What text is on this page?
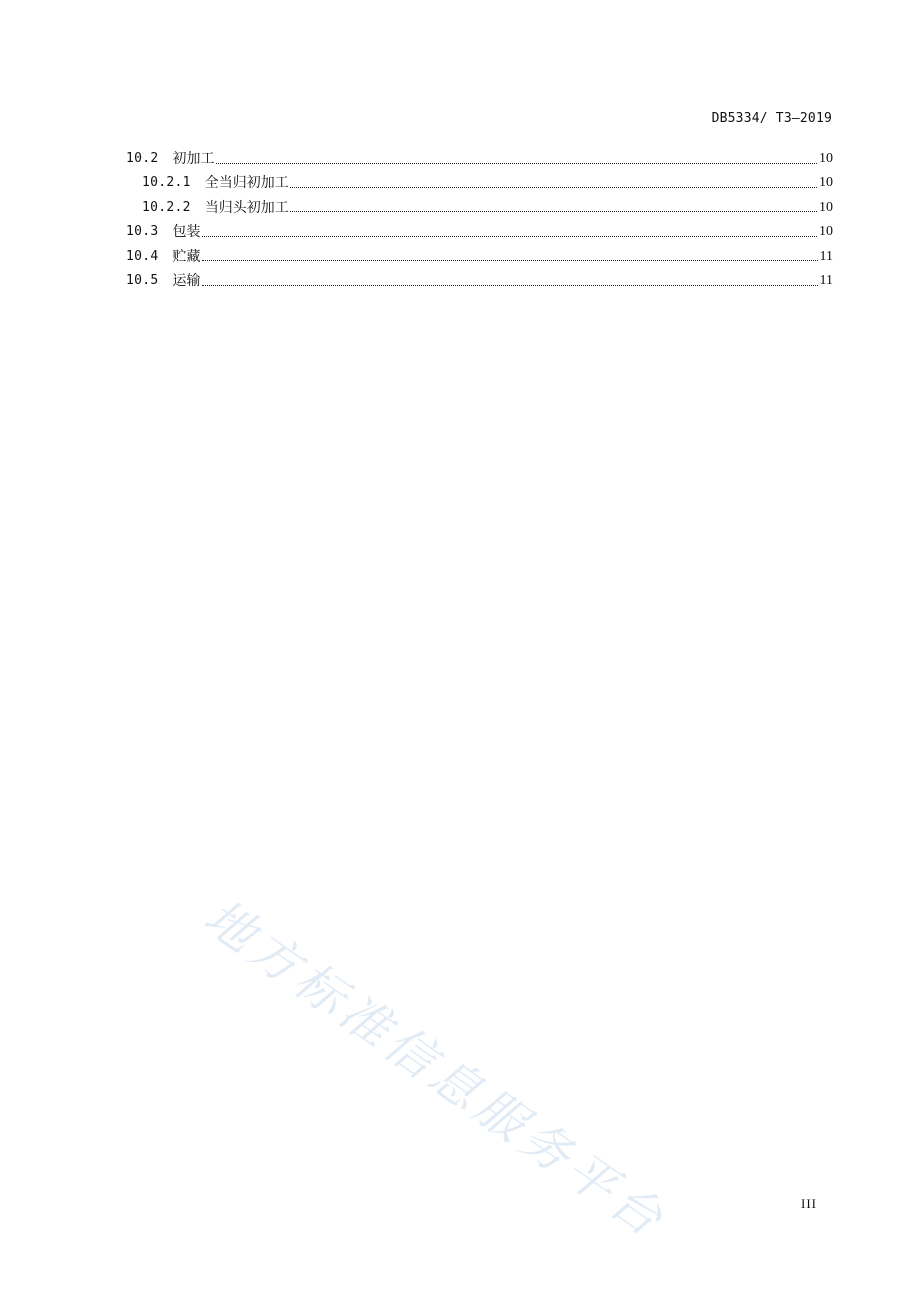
DB5334/ T3—2019
10.2 初加工	10
10.2.1 全当归初加工	10
10.2.2 当归头初加工	10
10.3 包装	10
10.4 贮藏	11
10.5 运输	11
地方标准信息服务平台	III
